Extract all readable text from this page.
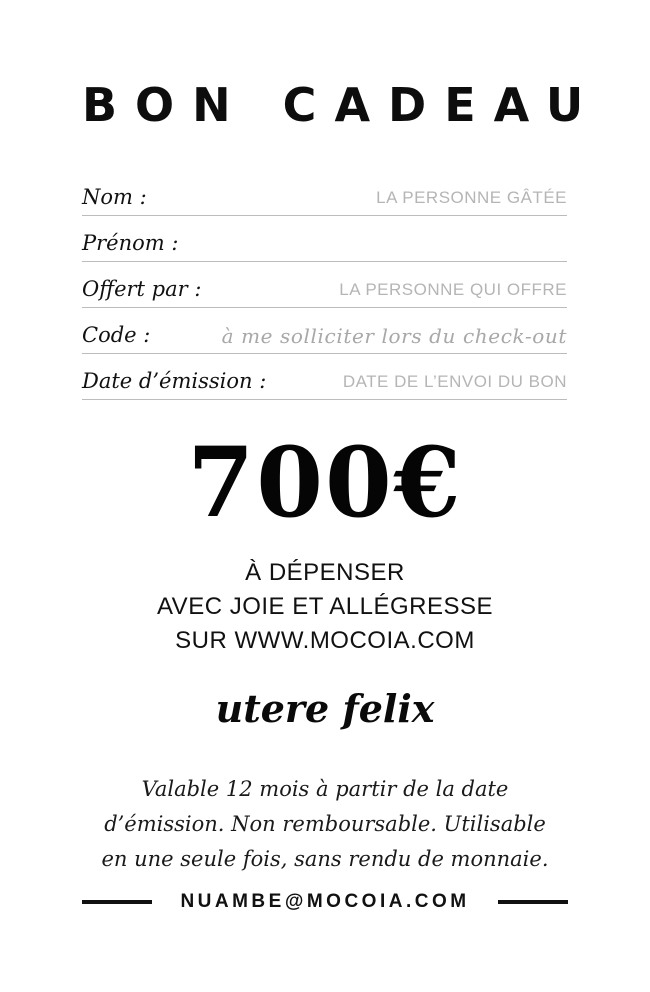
BON CADEAU
Nom :	LA PERSONNE GÂTÉE
Prénom :
Offert par :	LA PERSONNE QUI OFFRE
Code :	à me solliciter lors du check-out
Date d’émission :	DATE DE L’ENVOI DU BON
700€
À DÉPENSER
AVEC JOIE ET ALLÉGRESSE
SUR WWW.MOCOIA.COM
utere felix
Valable 12 mois à partir de la date
d’émission. Non remboursable. Utilisable
en une seule fois, sans rendu de monnaie.
NUAMBE@MOCOIA.COM
